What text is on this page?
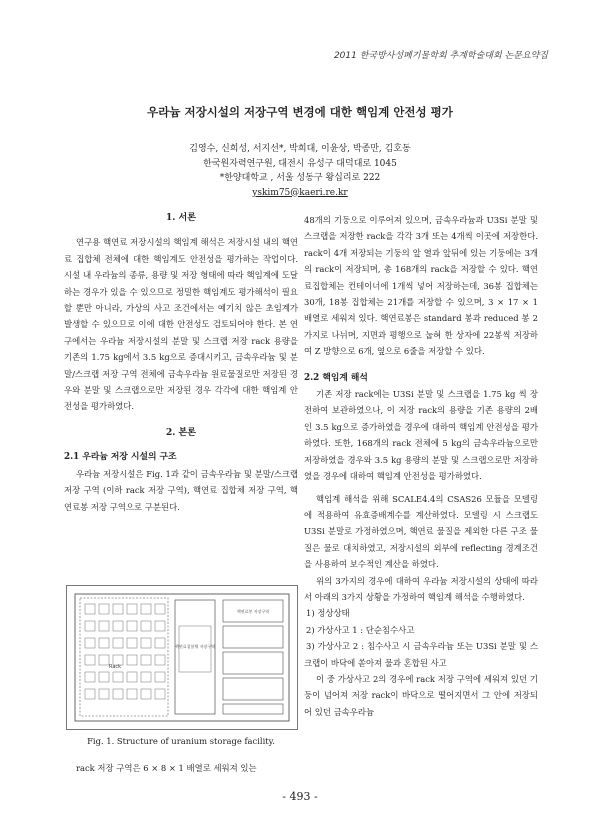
2011 한국방사성폐기물학회 추계학술대회 논문요약집
우라늄 저장시설의 저장구역 변경에 대한 핵임계 안전성 평가
김영수, 신희성, 서지선*, 박희대, 이윤상, 박종만, 김호동
한국원자력연구원, 대전시 유성구 대덕대로 1045
*한양대학교 , 서울 성동구 왕십리로 222
yskim75@kaeri.re.kr
1. 서론

연구용 핵연료 저장시설의 핵임계 해석은 저장시설 내의 핵연료 집합체 전체에 대한 핵임계도 안전성을 평가하는 작업이다. 시설 내 우라늄의 종류, 용량 및 저장 형태에 따라 핵임계에 도달하는 경우가 있을 수 있으므로 정밀한 핵임계도 평가해석이 필요할 뿐만 아니라, 가상의 사고 조건에서는 예기치 않은 초임계가 발생할 수 있으므로 이에 대한 안전성도 검토되어야 한다. 본 연구에서는 우라늄 저장시설의 분말 및 스크랩 저장 rack 용량을 기존의 1.75 kg에서 3.5 kg으로 증대시키고, 금속우라늄 및 분말/스크랩 저장 구역 전체에 금속우라늄 원료물질로만 저장된 경우와 분말 및 스크랩으로만 저장된 경우 각각에 대한 핵임계 안전성을 평가하였다.

2. 본론

2.1 우라늄 저장 시설의 구조

우라늄 저장시설은 Fig. 1과 같이 금속우라늄 및 분말/스크랩 저장 구역 (이하 rack 저장 구역), 핵연료 집합체 저장 구역, 핵연료봉 저장 구역으로 구분된다.

Rack
핵연료집합체 저장구역
핵연료봉 저장구역
Fig. 1. Structure of uranium storage facility.
rack 저장 구역은 6 × 8 × 1 배열로 세워져 있는

48개의 기둥으로 이루어져 있으며, 금속우라늄과 U3Si 분말 및 스크랩을 저장한 rack을 각각 3개 또는 4개씩 이곳에 저장한다. rack이 4개 저장되는 기둥의 앞 열과 앞뒤에 있는 기둥에는 3개의 rack이 저장되며, 총 168개의 rack을 저장할 수 있다. 핵연료집합체는 컨테이너에 1개씩 넣어 저장하는데, 36봉 집합체는 30개, 18봉 집합체는 21개를 저장할 수 있으며, 3 × 17 × 1 배열로 세워져 있다. 핵연료봉은 standard 봉과 reduced 봉 2가지로 나뉘며, 지면과 평행으로 눕혀 한 상자에 22봉씩 저장하여 Z 방향으로 6개, 옆으로 6줄을 저장할 수 있다.

2.2 핵임계 해석

기존 저장 rack에는 U3Si 분말 및 스크랩을 1.75 kg 씩 장전하여 보관하였으나, 이 저장 rack의 용량을 기존 용량의 2배인 3.5 kg으로 증가하였을 경우에 대하여 핵임계 안전성을 평가하였다. 또한, 168개의 rack 전체에 5 kg의 금속우라늄으로만 저장하였을 경우와 3.5 kg 용량의 분말 및 스크랩으로만 저장하였을 경우에 대하여 핵임계 안전성을 평가하였다.

핵임계 해석을 위해 SCALE4.4의 CSAS26 모듈을 모델링에 적용하여 유효증배계수를 계산하였다. 모델링 시 스크랩도 U3Si 분말로 가정하였으며, 핵연료 물질을 제외한 다른 구조 물질은 물로 대치하였고, 저장시설의 외부에 reflecting 경계조건을 사용하여 보수적인 계산을 하였다.

위의 3가지의 경우에 대하여 우라늄 저장시설의 상태에 따라서 아래의 3가지 상황을 가정하여 핵임계 해석을 수행하였다.

1) 정상상태

2) 가상사고 1 : 단순침수사고

3) 가상사고 2 : 침수사고 시 금속우라늄 또는 U3Si 분말 및 스크랩이 바닥에 쏟아져 물과 혼합된 사고

이 중 가상사고 2의 경우에 rack 저장 구역에 세워져 있던 기둥이 넘어져 저장 rack이 바닥으로 떨어지면서 그 안에 저장되어 있던 금속우라늄

- 493 -
